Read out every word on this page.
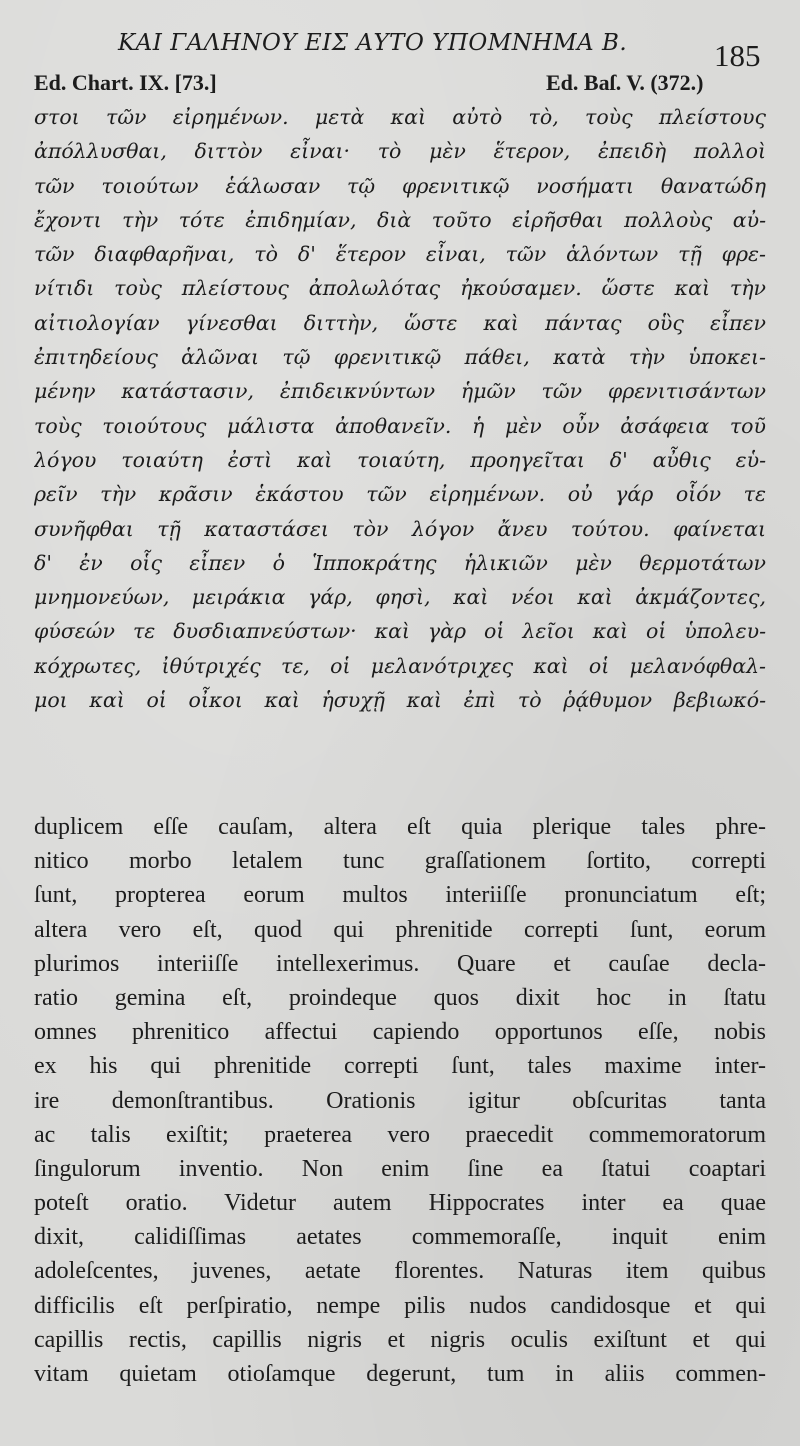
ΚΑΙ ΓΑΛΗΝΟΥ ΕΙΣ ΑΥΤΟ ΥΠΟΜΝΗΜΑ Β.	185
Ed. Chart. IX. [73.]	Ed. Baſ. V. (372.)
στοι τῶν εἰρημένων. μετὰ καὶ αὐτὸ τὸ, τοὺς πλείστους
ἀπόλλυσθαι, διττὸν εἶναι· τὸ μὲν ἕτερον, ἐπειδὴ πολλοὶ
τῶν τοιούτων ἑάλωσαν τῷ φρενιτικῷ νοσήματι θανατώδη
ἔχοντι τὴν τότε ἐπιδημίαν, διὰ τοῦτο εἰρῆσθαι πολλοὺς αὐ-
τῶν διαφθαρῆναι, τὸ δ' ἕτερον εἶναι, τῶν ἁλόντων τῇ φρε-
νίτιδι τοὺς πλείστους ἀπολωλότας ἠκούσαμεν. ὥστε καὶ τὴν
αἰτιολογίαν γίνεσθαι διττὴν, ὥστε καὶ πάντας οὓς εἶπεν
ἐπιτηδείους ἁλῶναι τῷ φρενιτικῷ πάθει, κατὰ τὴν ὑποκει-
μένην κατάστασιν, ἐπιδεικνύντων ἡμῶν τῶν φρενιτισάντων
τοὺς τοιούτους μάλιστα ἀποθανεῖν. ἡ μὲν οὖν ἀσάφεια τοῦ
λόγου τοιαύτη ἐστὶ καὶ τοιαύτη, προηγεῖται δ' αὖθις εὑ-
ρεῖν τὴν κρᾶσιν ἑκάστου τῶν εἰρημένων. οὐ γάρ οἷόν τε
συνῆφθαι τῇ καταστάσει τὸν λόγον ἄνευ τούτου. φαίνεται
δ' ἐν οἷς εἶπεν ὁ Ἱπποκράτης ἡλικιῶν μὲν θερμοτάτων
μνημονεύων, μειράκια γάρ, φησὶ, καὶ νέοι καὶ ἀκμάζοντες,
φύσεών τε δυσδιαπνεύστων· καὶ γὰρ οἱ λεῖοι καὶ οἱ ὑπολευ-
κόχρωτες, ἰθύτριχές τε, οἱ μελανότριχες καὶ οἱ μελανόφθαλ-
μοι καὶ οἱ οἶκοι καὶ ἡσυχῇ καὶ ἐπὶ τὸ ῥᾴθυμον βεβιωκό-
duplicem eſſe cauſam, altera eſt quia plerique tales phre-
nitico morbo letalem tunc graſſationem ſortito, correpti
ſunt, propterea eorum multos interiiſſe pronunciatum eſt;
altera vero eſt, quod qui phrenitide correpti ſunt, eorum
plurimos interiiſſe intellexerimus. Quare et cauſae decla-
ratio gemina eſt, proindeque quos dixit hoc in ſtatu
omnes phrenitico affectui capiendo opportunos eſſe, nobis
ex his qui phrenitide correpti ſunt, tales maxime inter-
ire demonſtrantibus. Orationis igitur obſcuritas tanta
ac talis exiſtit; praeterea vero praecedit commemoratorum
ſingulorum inventio. Non enim ſine ea ſtatui coaptari
poteſt oratio. Videtur autem Hippocrates inter ea quae
dixit, calidiſſimas aetates commemoraſſe, inquit enim
adoleſcentes, juvenes, aetate florentes. Naturas item quibus
difficilis eſt perſpiratio, nempe pilis nudos candidosque et qui
capillis rectis, capillis nigris et nigris oculis exiſtunt et qui
vitam quietam otioſamque degerunt, tum in aliis commen-
